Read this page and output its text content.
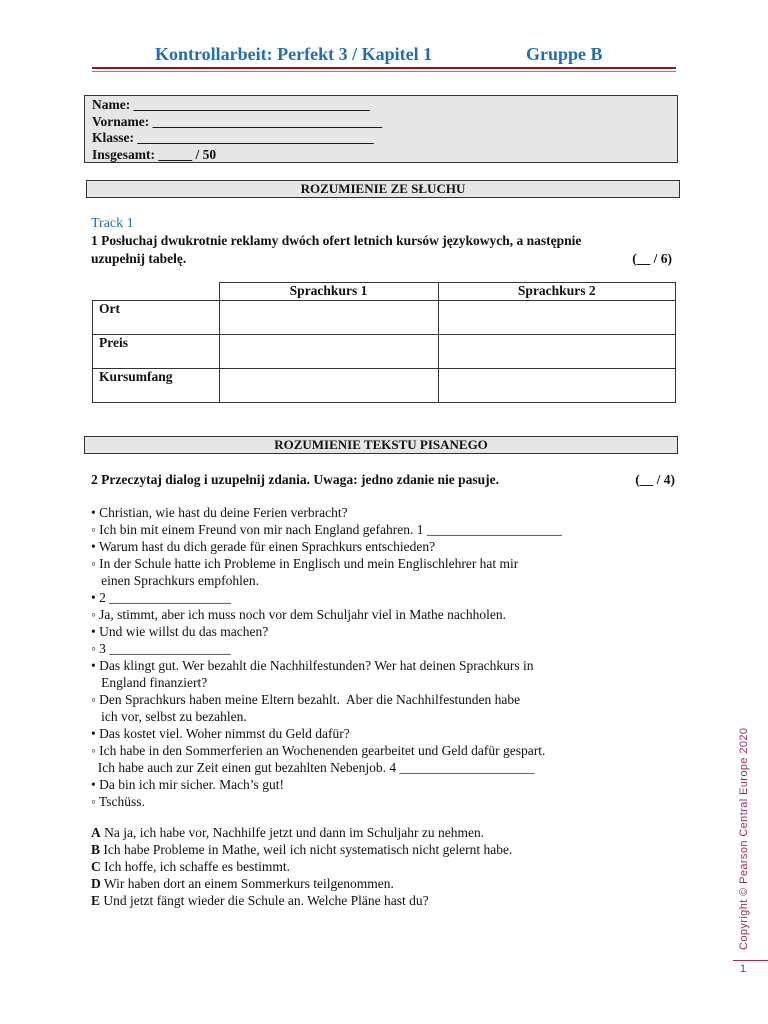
Kontrollarbeit: Perfekt 3 / Kapitel 1	Gruppe B
Name: ___________________________________
Vorname: __________________________________
Klasse: ___________________________________
Insgesamt: _____ / 50
ROZUMIENIE ZE SŁUCHU
Track 1
1 Posłuchaj dwukrotnie reklamy dwóch ofert letnich kursów językowych, a następnie
uzupełnij tabelę.	(__ / 6)
	Sprachkurs 1	Sprachkurs 2
Ort		
Preis		
Kursumfang		
ROZUMIENIE TEKSTU PISANEGO
2 Przeczytaj dialog i uzupełnij zdania. Uwaga: jedno zdanie nie pasuje.	(__ / 4)
• Christian, wie hast du deine Ferien verbracht?
◦ Ich bin mit einem Freund von mir nach England gefahren. 1 ____________________
• Warum hast du dich gerade für einen Sprachkurs entschieden?
◦ In der Schule hatte ich Probleme in Englisch und mein Englischlehrer hat mir
einen Sprachkurs empfohlen.
• 2 __________________
◦ Ja, stimmt, aber ich muss noch vor dem Schuljahr viel in Mathe nachholen.
• Und wie willst du das machen?
◦ 3 __________________
• Das klingt gut. Wer bezahlt die Nachhilfestunden? Wer hat deinen Sprachkurs in
England finanziert?
◦ Den Sprachkurs haben meine Eltern bezahlt.  Aber die Nachhilfestunden habe
ich vor, selbst zu bezahlen.
• Das kostet viel. Woher nimmst du Geld dafür?
◦ Ich habe in den Sommerferien an Wochenenden gearbeitet und Geld dafür gespart.
Ich habe auch zur Zeit einen gut bezahlten Nebenjob. 4 ____________________
• Da bin ich mir sicher. Mach’s gut!
◦ Tschüss.
A Na ja, ich habe vor, Nachhilfe jetzt und dann im Schuljahr zu nehmen.
B Ich habe Probleme in Mathe, weil ich nicht systematisch nicht gelernt habe.
C Ich hoffe, ich schaffe es bestimmt.
D Wir haben dort an einem Sommerkurs teilgenommen.
E Und jetzt fängt wieder die Schule an. Welche Pläne hast du?	Copyright © Pearson Central Europe 2020
1
